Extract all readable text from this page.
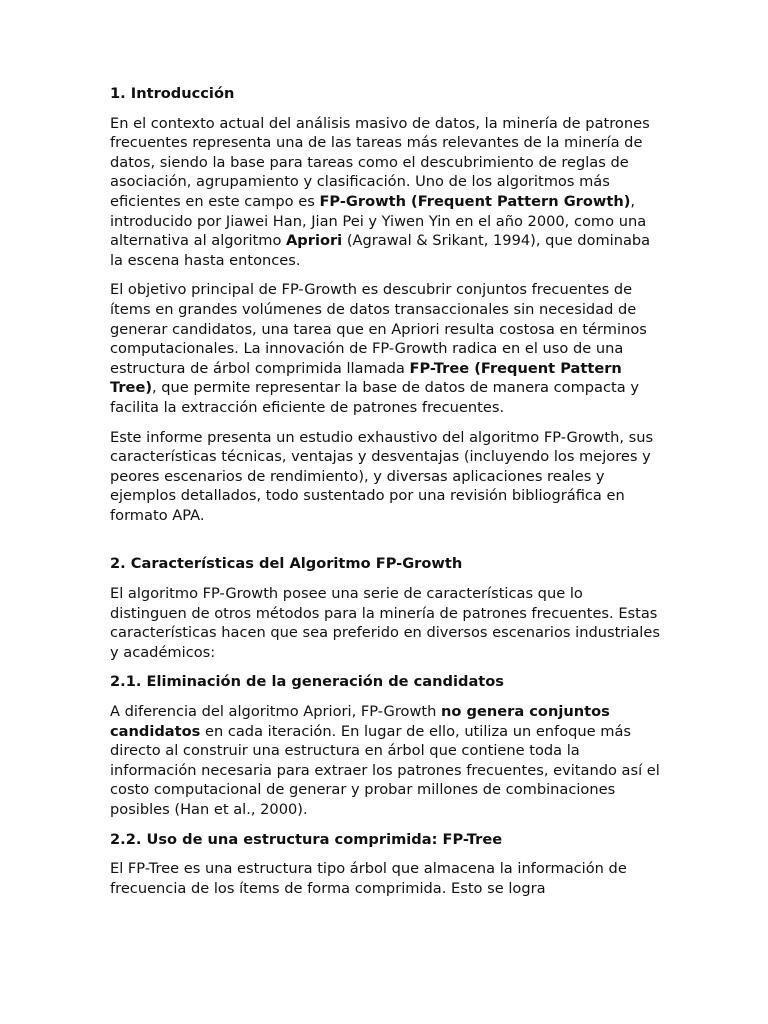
1. Introducción

En el contexto actual del análisis masivo de datos, la minería de patrones frecuentes representa una de las tareas más relevantes de la minería de datos, siendo la base para tareas como el descubrimiento de reglas de asociación, agrupamiento y clasificación. Uno de los algoritmos más eficientes en este campo es FP-Growth (Frequent Pattern Growth), introducido por Jiawei Han, Jian Pei y Yiwen Yin en el año 2000, como una alternativa al algoritmo Apriori (Agrawal & Srikant, 1994), que dominaba la escena hasta entonces.

El objetivo principal de FP-Growth es descubrir conjuntos frecuentes de ítems en grandes volúmenes de datos transaccionales sin necesidad de generar candidatos, una tarea que en Apriori resulta costosa en términos computacionales. La innovación de FP-Growth radica en el uso de una estructura de árbol comprimida llamada FP-Tree (Frequent Pattern Tree), que permite representar la base de datos de manera compacta y facilita la extracción eficiente de patrones frecuentes.

Este informe presenta un estudio exhaustivo del algoritmo FP-Growth, sus características técnicas, ventajas y desventajas (incluyendo los mejores y peores escenarios de rendimiento), y diversas aplicaciones reales y ejemplos detallados, todo sustentado por una revisión bibliográfica en formato APA.

2. Características del Algoritmo FP-Growth

El algoritmo FP-Growth posee una serie de características que lo distinguen de otros métodos para la minería de patrones frecuentes. Estas características hacen que sea preferido en diversos escenarios industriales y académicos:

2.1. Eliminación de la generación de candidatos

A diferencia del algoritmo Apriori, FP-Growth no genera conjuntos candidatos en cada iteración. En lugar de ello, utiliza un enfoque más directo al construir una estructura en árbol que contiene toda la información necesaria para extraer los patrones frecuentes, evitando así el costo computacional de generar y probar millones de combinaciones posibles (Han et al., 2000).

2.2. Uso de una estructura comprimida: FP-Tree

El FP-Tree es una estructura tipo árbol que almacena la información de frecuencia de los ítems de forma comprimida. Esto se logra
